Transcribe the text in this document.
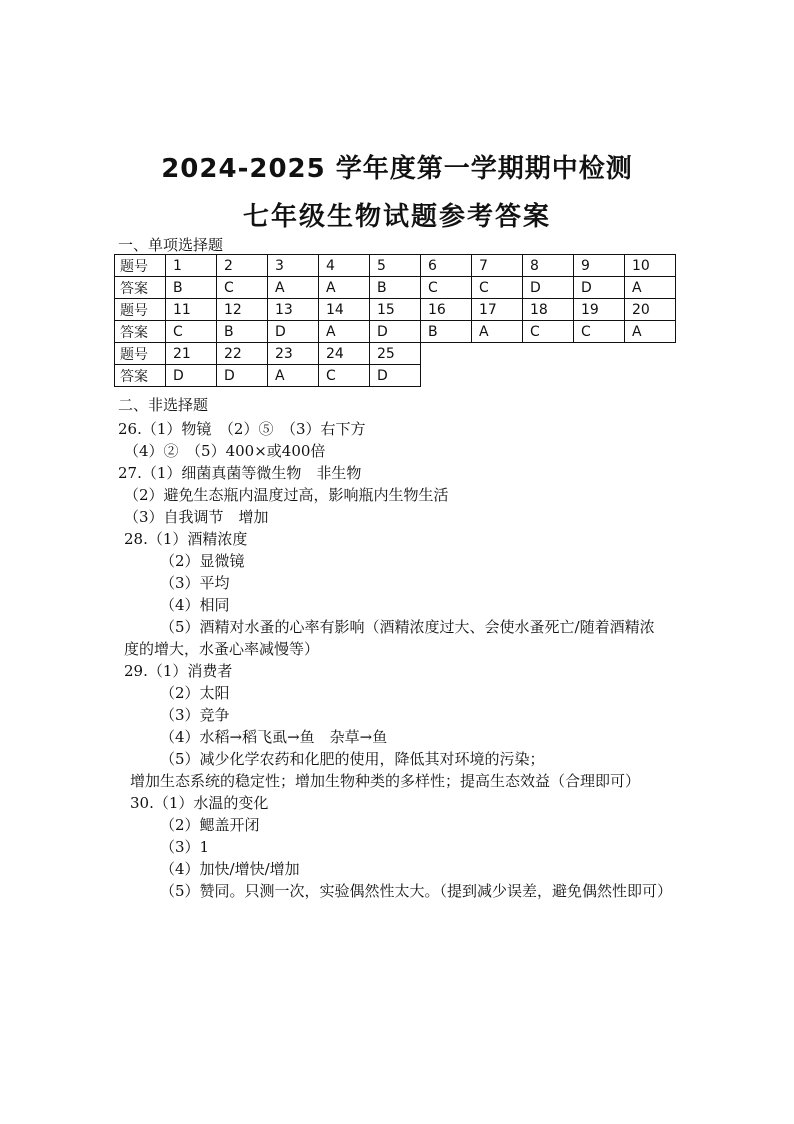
2024-2025 学年度第一学期期中检测
七年级生物试题参考答案
一、单项选择题
题号	1	2	3	4	5	6	7	8	9	10
答案	B	C	A	A	B	C	C	D	D	A
题号	11	12	13	14	15	16	17	18	19	20
答案	C	B	D	A	D	B	A	C	C	A
题号	21	22	23	24	25					
答案	D	D	A	C	D					
二、非选择题
26.（1）物镜　（2）⑤　（3）右下方
（4）②　（5）400×或400倍
27.（1）细菌真菌等微生物　非生物
（2）避免生态瓶内温度过高，影响瓶内生物生活
（3）自我调节　增加
28.（1）酒精浓度
（2）显微镜
（3）平均
（4）相同
（5）酒精对水蚤的心率有影响（酒精浓度过大、会使水蚤死亡/随着酒精浓
度的增大，水蚤心率减慢等）
29.（1）消费者
（2）太阳
（3）竞争
（4）水稻→稻飞虱→鱼　杂草→鱼
（5）减少化学农药和化肥的使用，降低其对环境的污染；
增加生态系统的稳定性；增加生物种类的多样性；提高生态效益（合理即可）
30.（1）水温的变化
（2）鳃盖开闭
（3）1
（4）加快/增快/增加
（5）赞同。只测一次，实验偶然性太大。（提到减少误差，避免偶然性即可）
